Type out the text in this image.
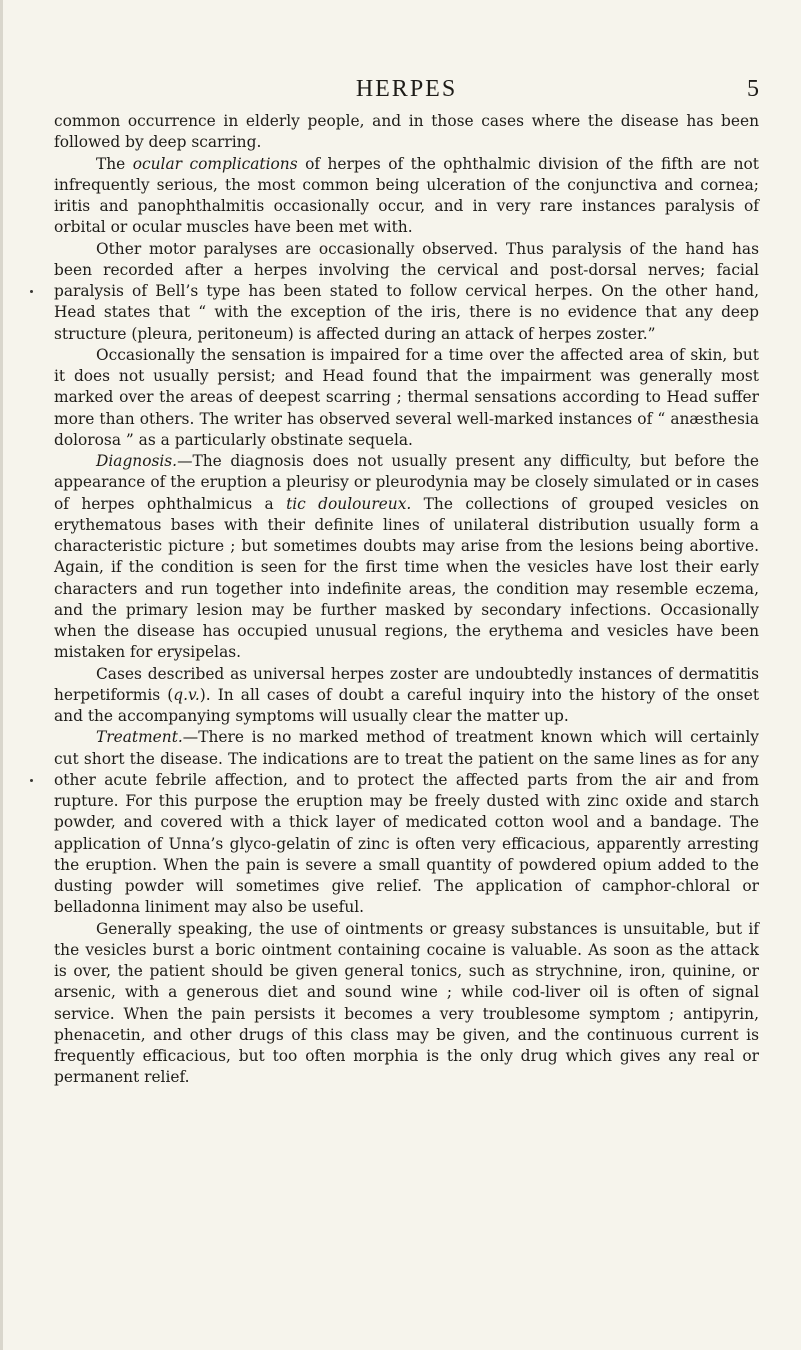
HERPES	5

common occurrence in elderly people, and in those cases where the disease has been followed by deep scarring.

The ocular complications of herpes of the ophthalmic division of the fifth are not infrequently serious, the most common being ulceration of the conjunctiva and cornea; iritis and panophthalmitis occasionally occur, and in very rare instances paralysis of orbital or ocular muscles have been met with.

Other motor paralyses are occasionally observed. Thus paralysis of the hand has been recorded after a herpes involving the cervical and post-dorsal nerves; facial paralysis of Bell’s type has been stated to follow cervical herpes. On the other hand, Head states that “ with the exception of the iris, there is no evidence that any deep structure (pleura, peritoneum) is affected during an attack of herpes zoster.”

Occasionally the sensation is impaired for a time over the affected area of skin, but it does not usually persist; and Head found that the impairment was generally most marked over the areas of deepest scarring ; thermal sensations according to Head suffer more than others. The writer has observed several well-marked instances of “ anæsthesia dolorosa ” as a particularly obstinate sequela.

Diagnosis.—The diagnosis does not usually present any difficulty, but before the appearance of the eruption a pleurisy or pleurodynia may be closely simulated or in cases of herpes ophthalmicus a tic douloureux. The collections of grouped vesicles on erythematous bases with their definite lines of unilateral distribution usually form a characteristic picture ; but sometimes doubts may arise from the lesions being abortive. Again, if the condition is seen for the first time when the vesicles have lost their early characters and run together into indefinite areas, the condition may resemble eczema, and the primary lesion may be further masked by secondary infections. Occasionally when the disease has occupied unusual regions, the erythema and vesicles have been mistaken for erysipelas.

Cases described as universal herpes zoster are undoubtedly instances of dermatitis herpetiformis (q.v.). In all cases of doubt a careful inquiry into the history of the onset and the accompanying symptoms will usually clear the matter up.

Treatment.—There is no marked method of treatment known which will certainly cut short the disease. The indications are to treat the patient on the same lines as for any other acute febrile affection, and to protect the affected parts from the air and from rupture. For this purpose the eruption may be freely dusted with zinc oxide and starch powder, and covered with a thick layer of medicated cotton wool and a bandage. The application of Unna’s glyco-gelatin of zinc is often very efficacious, apparently arresting the eruption. When the pain is severe a small quantity of powdered opium added to the dusting powder will sometimes give relief. The application of camphor-chloral or belladonna liniment may also be useful.

Generally speaking, the use of ointments or greasy substances is unsuitable, but if the vesicles burst a boric ointment containing cocaine is valuable. As soon as the attack is over, the patient should be given general tonics, such as strychnine, iron, quinine, or arsenic, with a generous diet and sound wine ; while cod-liver oil is often of signal service. When the pain persists it becomes a very troublesome symptom ; antipyrin, phenacetin, and other drugs of this class may be given, and the continuous current is frequently efficacious, but too often morphia is the only drug which gives any real or permanent relief.
